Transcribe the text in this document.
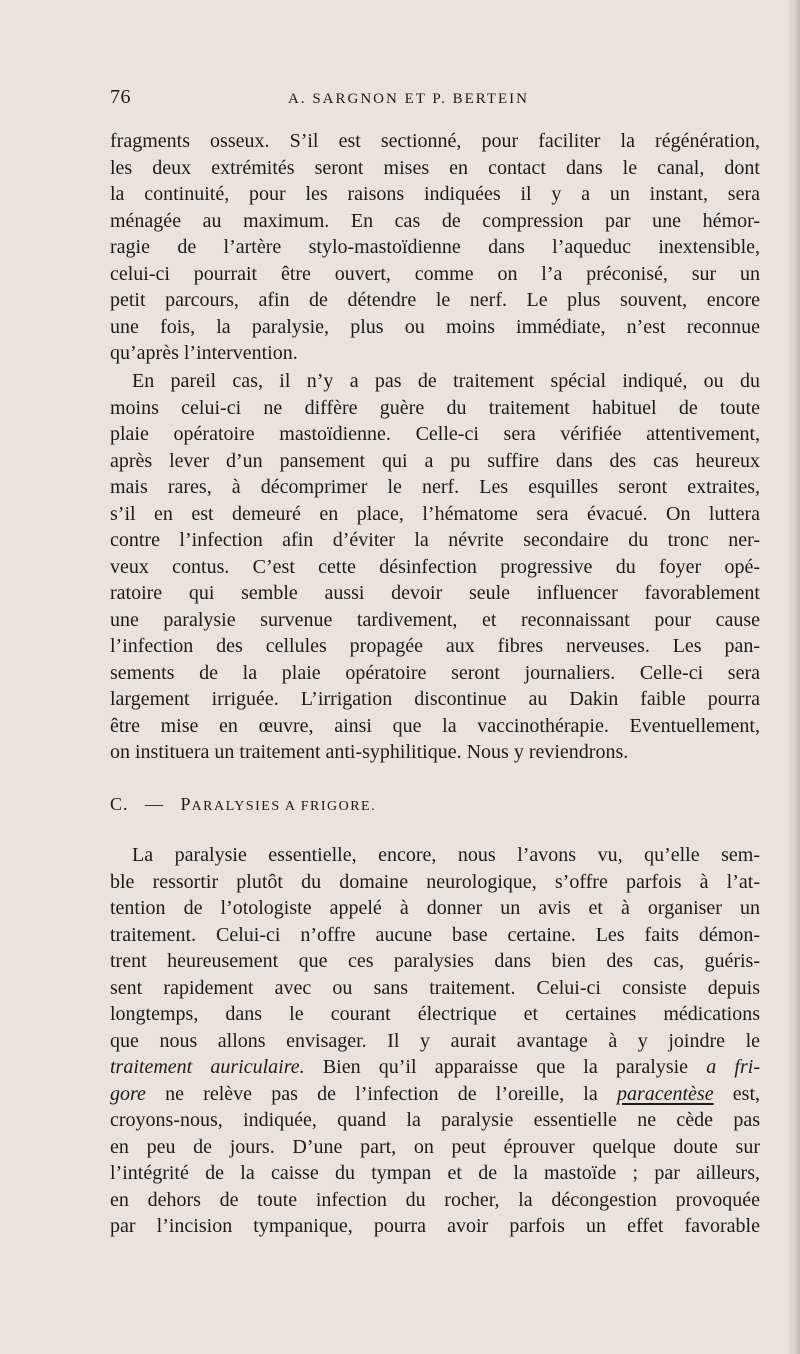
76	A. SARGNON ET P. BERTEIN
fragments osseux. S’il est sectionné, pour faciliter la régénération,
les deux extrémités seront mises en contact dans le canal, dont
la continuité, pour les raisons indiquées il y a un instant, sera
ménagée au maximum. En cas de compression par une hémor-
ragie de l’artère stylo-mastoïdienne dans l’aqueduc inextensible,
celui-ci pourrait être ouvert, comme on l’a préconisé, sur un
petit parcours, afin de détendre le nerf. Le plus souvent, encore
une fois, la paralysie, plus ou moins immédiate, n’est reconnue
qu’après l’intervention.
En pareil cas, il n’y a pas de traitement spécial indiqué, ou du
moins celui-ci ne diffère guère du traitement habituel de toute
plaie opératoire mastoïdienne. Celle-ci sera vérifiée attentivement,
après lever d’un pansement qui a pu suffire dans des cas heureux
mais rares, à décomprimer le nerf. Les esquilles seront extraites,
s’il en est demeuré en place, l’hématome sera évacué. On luttera
contre l’infection afin d’éviter la névrite secondaire du tronc ner-
veux contus. C’est cette désinfection progressive du foyer opé-
ratoire qui semble aussi devoir seule influencer favorablement
une paralysie survenue tardivement, et reconnaissant pour cause
l’infection des cellules propagée aux fibres nerveuses. Les pan-
sements de la plaie opératoire seront journaliers. Celle-ci sera
largement irriguée. L’irrigation discontinue au Dakin faible pourra
être mise en œuvre, ainsi que la vaccinothérapie. Eventuellement,
on instituera un traitement anti-syphilitique. Nous y reviendrons.
C. — PARALYSIES A FRIGORE.
La paralysie essentielle, encore, nous l’avons vu, qu’elle sem-
ble ressortir plutôt du domaine neurologique, s’offre parfois à l’at-
tention de l’otologiste appelé à donner un avis et à organiser un
traitement. Celui-ci n’offre aucune base certaine. Les faits démon-
trent heureusement que ces paralysies dans bien des cas, guéris-
sent rapidement avec ou sans traitement. Celui-ci consiste depuis
longtemps, dans le courant électrique et certaines médications
que nous allons envisager. Il y aurait avantage à y joindre le
traitement auriculaire. Bien qu’il apparaisse que la paralysie a fri-
gore ne relève pas de l’infection de l’oreille, la paracentèse est,
croyons-nous, indiquée, quand la paralysie essentielle ne cède pas
en peu de jours. D’une part, on peut éprouver quelque doute sur
l’intégrité de la caisse du tympan et de la mastoïde ; par ailleurs,
en dehors de toute infection du rocher, la décongestion provoquée
par l’incision tympanique, pourra avoir parfois un effet favorable
